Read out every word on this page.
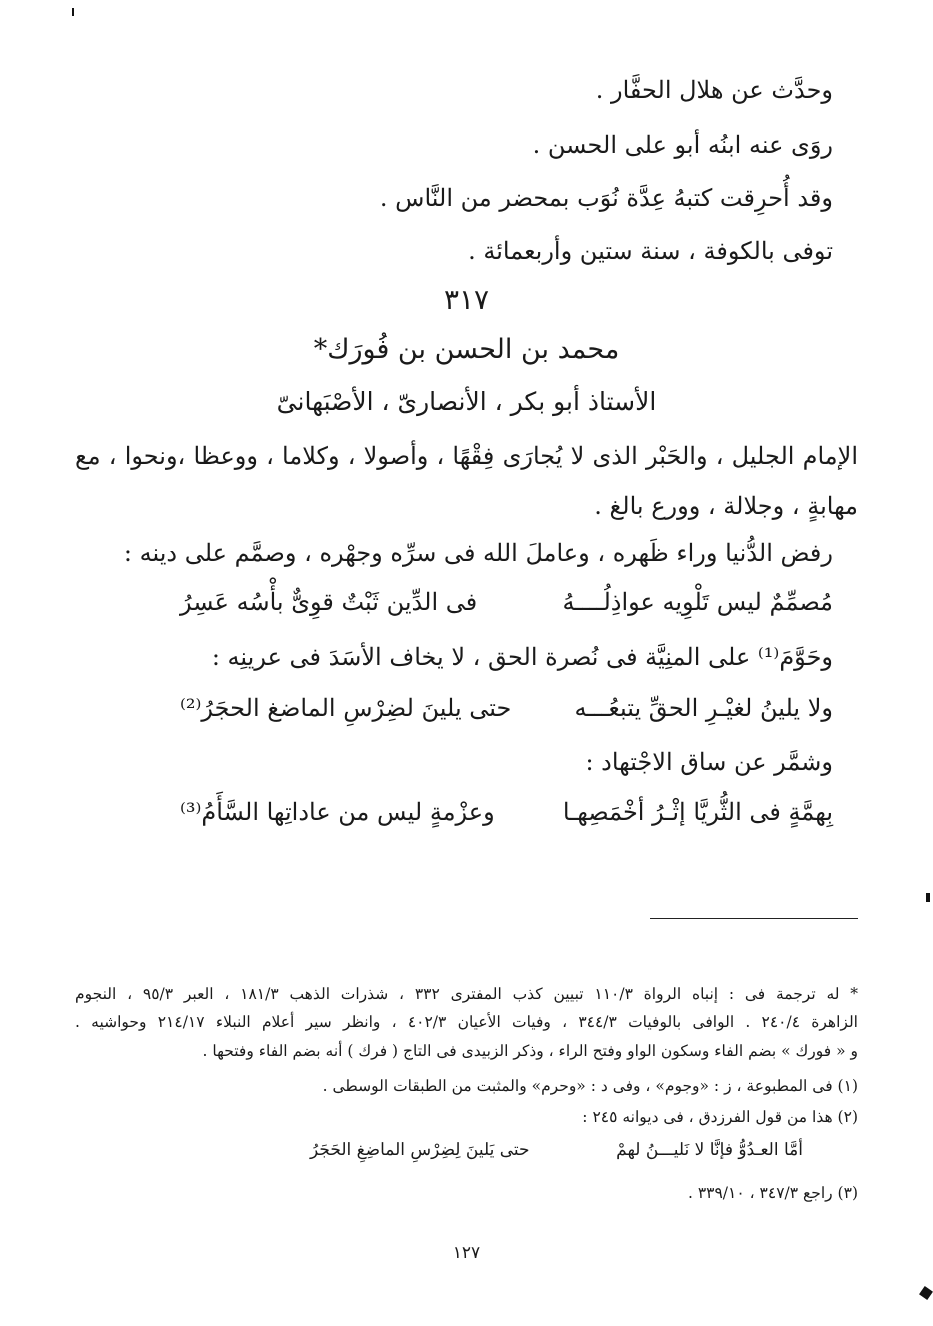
وحدَّث عن هلال الحفَّار .
روَى عنه ابنُه أبو على الحسن .
وقد أُحرِقت كتبهُ عِدَّة نُوَب بمحضر من النَّاس .
توفى بالكوفة ، سنة ستين وأربعمائة .
٣١٧
محمد بن الحسن بن فُورَك*
الأستاذ أبو بكر ، الأنصارىّ ، الأصْبَهانىّ
الإمام الجليل ، والحَبْر الذى لا يُجارَى فِقْهًا ، وأصولا ، وكلاما ، ووعظا ،ونحوا ، مع
مهابةٍ ، وجلالة ، وورع بالغ .
رفض الدُّنيا وراء ظَهره ، وعاملَ الله فى سرِّه وجهْره ، وصمَّم على دينه :
مُصمِّمٌ ليس تَلْوِيه عواذِلُــــهُ
فى الدِّين ثَبْتٌ قوِىٌّ بأْسُه عَسِرُ
وحَوَّمَ⁽¹⁾ على المنِيَّة فى نُصرة الحق ، لا يخاف الأسَدَ فى عرينِه :
ولا يلينُ لغيْـرِ الحقِّ يتبعُـــه
حتى يلينَ لضِرْسِ الماضغ الحجَرُ⁽²⁾
وشمَّر عن ساق الاجْتهاد :
بِهمَّةٍ فى الثُّريَّا إثْـرُ أخْمَصِهـا
وعزْمةٍ ليس من عاداتِها السَّأَمُ⁽³⁾
* له ترجمة فى : إنباه الرواة ١١٠/٣ تبيين كذب المفترى ٣٣٢ ، شذرات الذهب ١٨١/٣ ، العبر ٩٥/٣ ، النجوم
الزاهرة ٢٤٠/٤ . الوافى بالوفيات ٣٤٤/٣ ، وفيات الأعيان ٤٠٢/٣ ، وانظر سير أعلام النبلاء ٢١٤/١٧ وحواشيه .
و « فورك » بضم الفاء وسكون الواو وفتح الراء ، وذكر الزبيدى فى التاج ( فرك ) أنه بضم الفاء وفتحها .
(١) فى المطبوعة ، ز : «وجوم» ، وفى د : «وحرم» والمثبت من الطبقات الوسطى .
(٢) هذا من قول الفرزدق ، فى ديوانه ٢٤٥ :
أمَّا العـدُوُّ فإنَّا لا نَليـــنُ لهمْ
حتى يَلينَ لِضِرْسِ الماضِغِ الحَجَرُ
(٣) راجع ٣٤٧/٣ ، ٣٣٩/١٠ .
١٢٧
